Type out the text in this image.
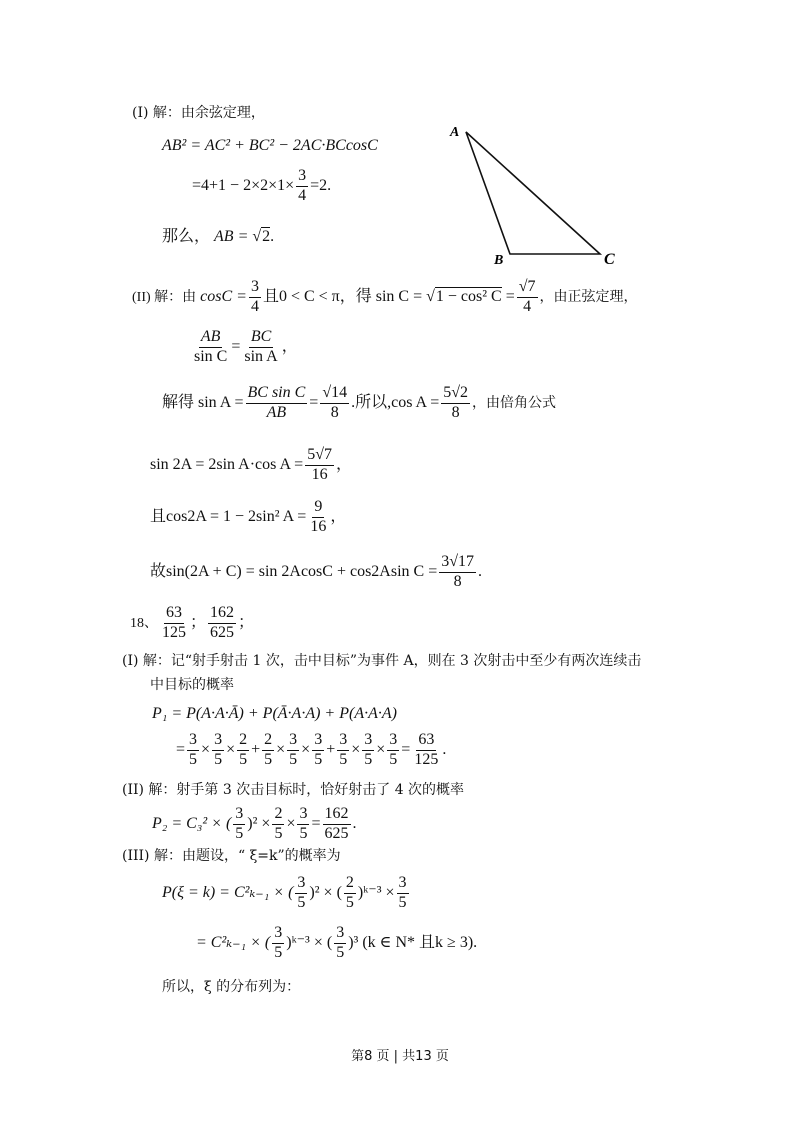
(I) 解：由余弦定理，
AB² = AC² + BC² − 2AC·BCcosC
$=4+1 - 2\times 2\times 1\times \frac{3}{4} =2$.
那么， AB = √2.
A
B	C
(II) 解：由 $\cos C = \frac{3}{4}$ 且0 < C < π，得 sin C = √1 − cos² $C = \frac{√7}{4}$ ，由正弦定理，
$\frac{AB}{\text{sin C}} = \frac{BC}{\text{sin A}}$ ，
解得 $\sin A = \frac{\text{BC sin C}}{AB} = \frac{√14}{8}$ .所以,cos $A = \frac{5√2}{8}$ ，由倍角公式
sin 2A = 2sin A·cos $A = \frac{5√7}{16}$ ，
且cos2A = 1 − 2sin² $A = \frac{9}{16}$ ，
故sin(2A + C) = sin 2AcosC + cos2Asin $C = \frac{3√17}{8}$ .
18、 $\frac{63}{125}$ ； $\frac{162}{625}$ ；
(I) 解：记“射手射击 1 次，击中目标”为事件 A，则在 3 次射击中至少有两次连续击
中目标的概率
P₁ = P(A·A·Ā) + P(Ā·A·A) + P(A·A·A)
= $\frac{3}{5} \times \frac{3}{5} \times \frac{2}{5} + \frac{2}{5} \times \frac{3}{5} \times \frac{3}{5} + \frac{3}{5} \times \frac{3}{5} \times \frac{3}{5} = \frac{63}{125}$ .
(II) 解：射手第 3 次击目标时，恰好射击了 4 次的概率
P₂ = C₃² × ( $\frac{3}{5} )^2 \times \frac{2}{5} \times \frac{3}{5} = \frac{162}{625}$ .
(III) 解：由题设，“ ξ=k”的概率为
P(ξ = k) = C²ₖ₋₁ × ( $\frac{3}{5} )^2$ × ( $\frac{2}{5}$ )ᵏ⁻³ × $\frac{3}{5}$
= C²ₖ₋₁ × ( $\frac{3}{5}$ )ᵏ⁻³ × ( $\frac{3}{5} )^3$ (k ∈ N* 且k ≥ 3).
所以，ξ 的分布列为：
第8 页 | 共13 页
